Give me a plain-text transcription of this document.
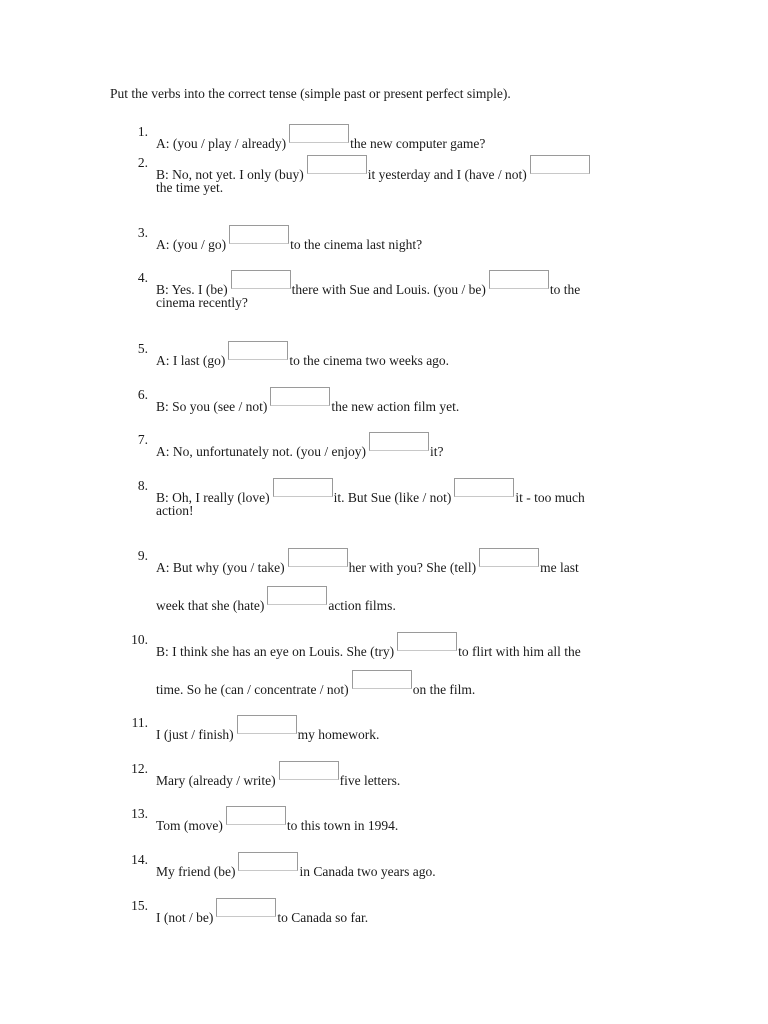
Put the verbs into the correct tense (simple past or present perfect simple).
1.
A: (you / play / already)	the new computer game?
2.
B: No, not yet. I only (buy)	it yesterday and I (have / not)
the time yet.
3.
A: (you / go)	to the cinema last night?
4.
B: Yes. I (be)	there with Sue and Louis. (you / be)	to the
cinema recently?
5.
A: I last (go)	to the cinema two weeks ago.
6.
B: So you (see / not)	the new action film yet.
7.
A: No, unfortunately not. (you / enjoy)	it?
8.
B: Oh, I really (love)	it. But Sue (like / not)	it - too much
action!
9.
A: But why (you / take)	her with you? She (tell)	me last
week that she (hate)	action films.
10.
B: I think she has an eye on Louis. She (try)	to flirt with him all the
time. So he (can / concentrate / not)	on the film.
11.
I (just / finish)	my homework.
12.
Mary (already / write)	five letters.
13.
Tom (move)	to this town in 1994.
14.
My friend (be)	in Canada two years ago.
15.
I (not / be)	to Canada so far.
